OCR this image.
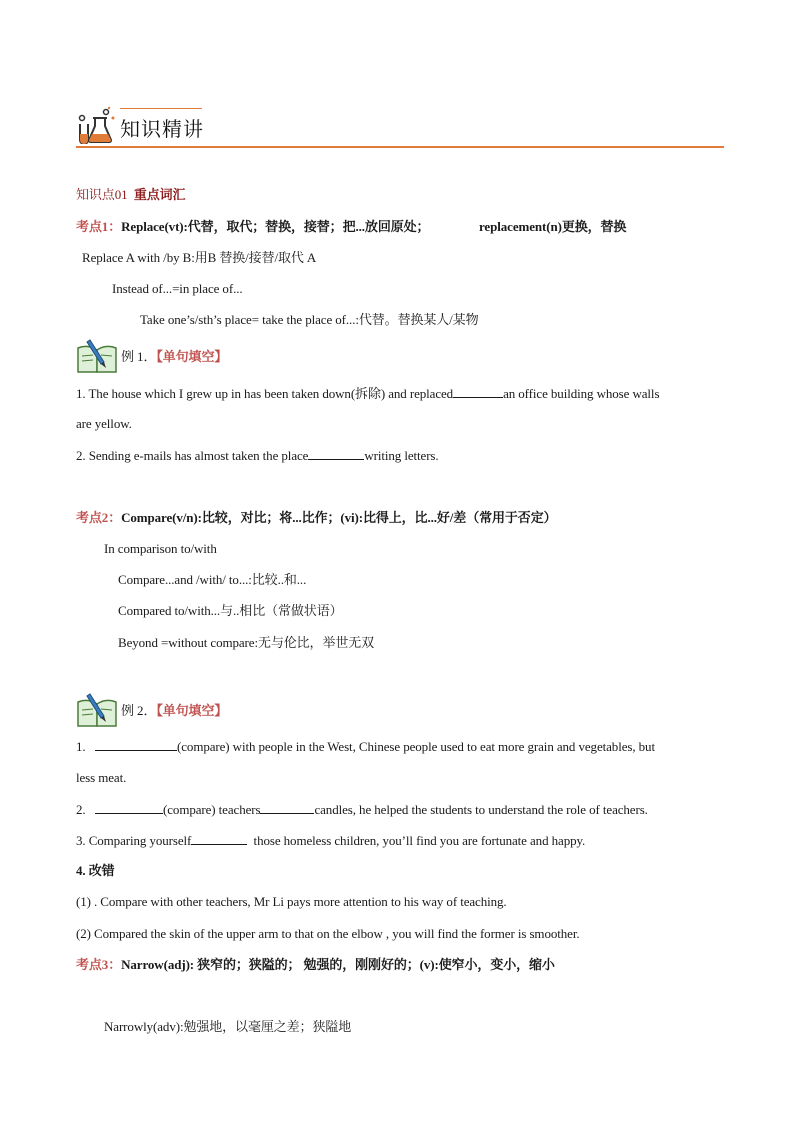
知识精讲
知识点01 重点词汇
考点1：Replace(vt):代替，取代；替换，接替；把...放回原处；	replacement(n)更换，替换
Replace A with /by B:用B 替换/接替/取代 A
Instead of...=in place of...
Take one’s/sth’s place= take the place of...:代替。替换某人/某物
例 1．【单句填空】
1. The house which I grew up in has been taken down(拆除) and replaced	an office building whose walls
are yellow.
2. Sending e-mails has almost taken the place	writing letters.
考点2：Compare(v/n):比较，对比；将...比作；(vi):比得上，比...好/差（常用于否定）
In comparison to/with
Compare...and /with/ to...:比较..和...
Compared to/with...与..相比（常做状语）
Beyond =without compare:无与伦比，举世无双
例 2．【单句填空】
1.	(compare) with people in the West, Chinese people used to eat more grain and vegetables, but
less meat.
2.	(compare) teachers	candles, he helped the students to understand the role of teachers.
3. Comparing yourself	those homeless children, you’ll find you are fortunate and happy.
4. 改错
(1) . Compare with other teachers, Mr Li pays more attention to his way of teaching.
(2) Compared the skin of the upper arm to that on the elbow , you will find the former is smoother.
考点3：Narrow(adj): 狭窄的；狭隘的； 勉强的，刚刚好的；(v):使窄小，变小，缩小
Narrowly(adv):勉强地，以毫厘之差；狭隘地
